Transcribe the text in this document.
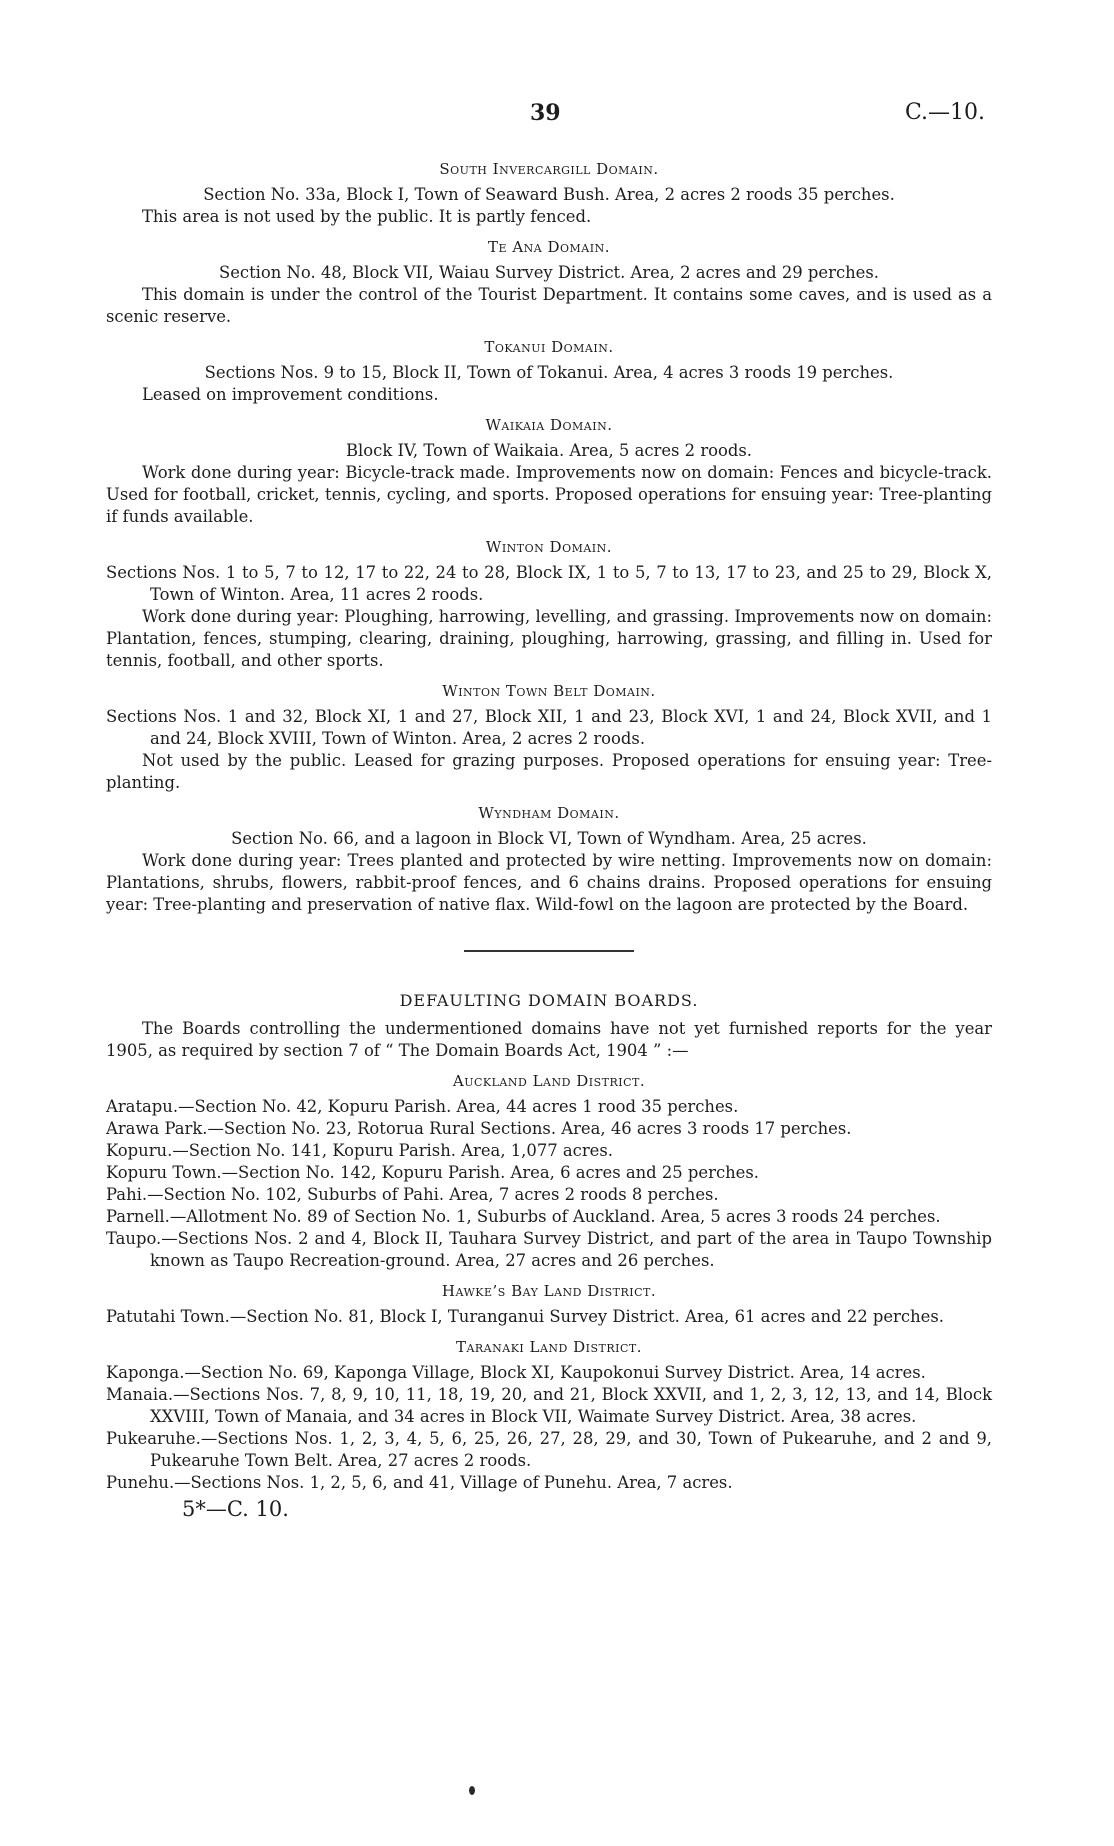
39	C.—10.
South Invercargill Domain.

Section No. 33a, Block I, Town of Seaward Bush. Area, 2 acres 2 roods 35 perches.

This area is not used by the public. It is partly fenced.

Te Ana Domain.

Section No. 48, Block VII, Waiau Survey District. Area, 2 acres and 29 perches.

This domain is under the control of the Tourist Department. It contains some caves, and is used as a scenic reserve.

Tokanui Domain.

Sections Nos. 9 to 15, Block II, Town of Tokanui. Area, 4 acres 3 roods 19 perches.

Leased on improvement conditions.

Waikaia Domain.

Block IV, Town of Waikaia. Area, 5 acres 2 roods.

Work done during year: Bicycle-track made. Improvements now on domain: Fences and bicycle-track. Used for football, cricket, tennis, cycling, and sports. Proposed operations for ensuing year: Tree-planting if funds available.

Winton Domain.

Sections Nos. 1 to 5, 7 to 12, 17 to 22, 24 to 28, Block IX, 1 to 5, 7 to 13, 17 to 23, and 25 to 29, Block X, Town of Winton. Area, 11 acres 2 roods.

Work done during year: Ploughing, harrowing, levelling, and grassing. Improvements now on domain: Plantation, fences, stumping, clearing, draining, ploughing, harrowing, grassing, and filling in. Used for tennis, football, and other sports.

Winton Town Belt Domain.

Sections Nos. 1 and 32, Block XI, 1 and 27, Block XII, 1 and 23, Block XVI, 1 and 24, Block XVII, and 1 and 24, Block XVIII, Town of Winton. Area, 2 acres 2 roods.

Not used by the public. Leased for grazing purposes. Proposed operations for ensuing year: Tree-planting.

Wyndham Domain.

Section No. 66, and a lagoon in Block VI, Town of Wyndham. Area, 25 acres.

Work done during year: Trees planted and protected by wire netting. Improvements now on domain: Plantations, shrubs, flowers, rabbit-proof fences, and 6 chains drains. Proposed operations for ensuing year: Tree-planting and preservation of native flax. Wild-fowl on the lagoon are protected by the Board.

DEFAULTING DOMAIN BOARDS.

The Boards controlling the undermentioned domains have not yet furnished reports for the year 1905, as required by section 7 of “ The Domain Boards Act, 1904 ” :—

Auckland Land District.

Aratapu.—Section No. 42, Kopuru Parish. Area, 44 acres 1 rood 35 perches.

Arawa Park.—Section No. 23, Rotorua Rural Sections. Area, 46 acres 3 roods 17 perches.

Kopuru.—Section No. 141, Kopuru Parish. Area, 1,077 acres.

Kopuru Town.—Section No. 142, Kopuru Parish. Area, 6 acres and 25 perches.

Pahi.—Section No. 102, Suburbs of Pahi. Area, 7 acres 2 roods 8 perches.

Parnell.—Allotment No. 89 of Section No. 1, Suburbs of Auckland. Area, 5 acres 3 roods 24 perches.

Taupo.—Sections Nos. 2 and 4, Block II, Tauhara Survey District, and part of the area in Taupo Township known as Taupo Recreation-ground. Area, 27 acres and 26 perches.

Hawke’s Bay Land District.

Patutahi Town.—Section No. 81, Block I, Turanganui Survey District. Area, 61 acres and 22 perches.

Taranaki Land District.

Kaponga.—Section No. 69, Kaponga Village, Block XI, Kaupokonui Survey District. Area, 14 acres.

Manaia.—Sections Nos. 7, 8, 9, 10, 11, 18, 19, 20, and 21, Block XXVII, and 1, 2, 3, 12, 13, and 14, Block XXVIII, Town of Manaia, and 34 acres in Block VII, Waimate Survey District. Area, 38 acres.

Pukearuhe.—Sections Nos. 1, 2, 3, 4, 5, 6, 25, 26, 27, 28, 29, and 30, Town of Pukearuhe, and 2 and 9, Pukearuhe Town Belt. Area, 27 acres 2 roods.

Punehu.—Sections Nos. 1, 2, 5, 6, and 41, Village of Punehu. Area, 7 acres.

5*—C. 10.
